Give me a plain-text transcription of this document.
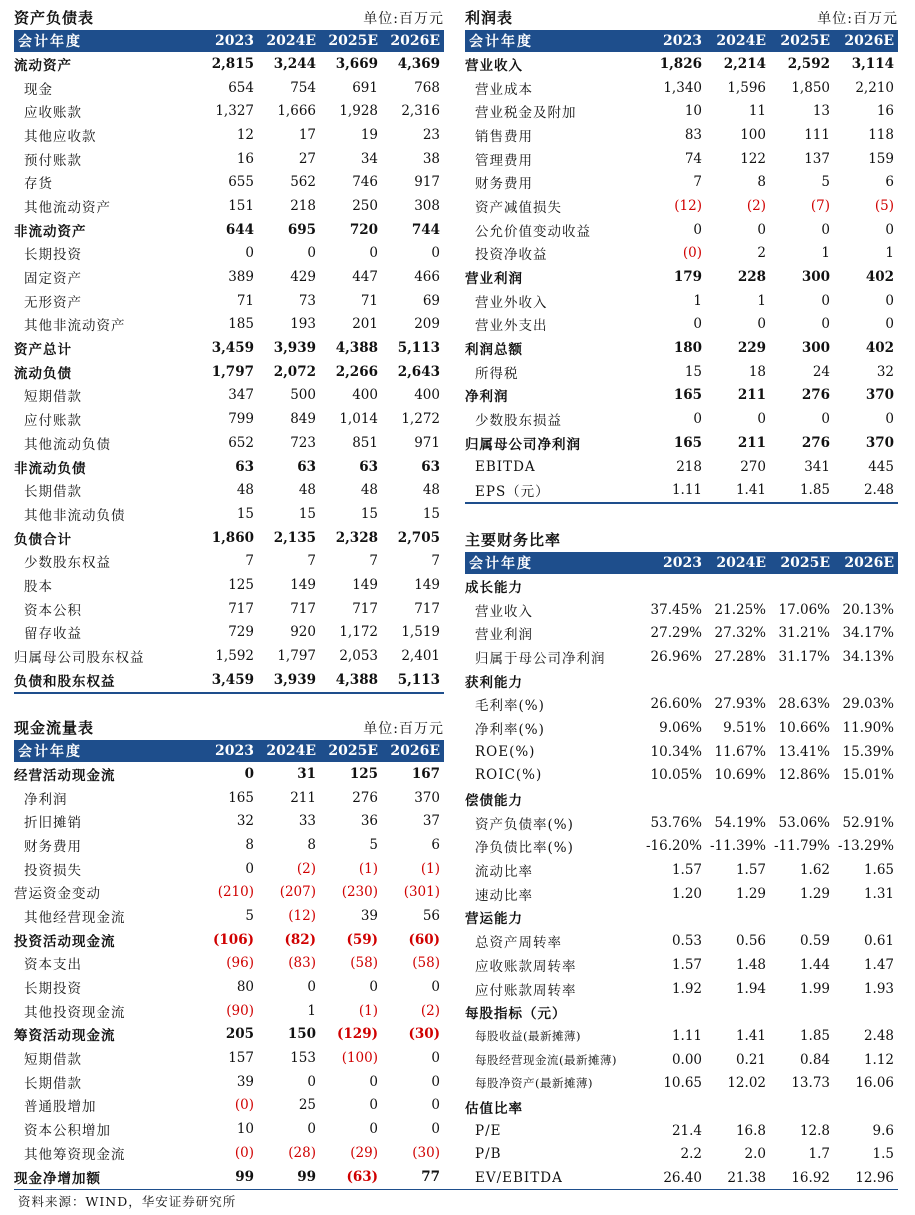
资产负债表	单位:百万元
会计年度	2023	2024E	2025E	2026E
流动资产	2,815	3,244	3,669	4,369
现金	654	754	691	768
应收账款	1,327	1,666	1,928	2,316
其他应收款	12	17	19	23
预付账款	16	27	34	38
存货	655	562	746	917
其他流动资产	151	218	250	308
非流动资产	644	695	720	744
长期投资	0	0	0	0
固定资产	389	429	447	466
无形资产	71	73	71	69
其他非流动资产	185	193	201	209
资产总计	3,459	3,939	4,388	5,113
流动负债	1,797	2,072	2,266	2,643
短期借款	347	500	400	400
应付账款	799	849	1,014	1,272
其他流动负债	652	723	851	971
非流动负债	63	63	63	63
长期借款	48	48	48	48
其他非流动负债	15	15	15	15
负债合计	1,860	2,135	2,328	2,705
少数股东权益	7	7	7	7
股本	125	149	149	149
资本公积	717	717	717	717
留存收益	729	920	1,172	1,519
归属母公司股东权益	1,592	1,797	2,053	2,401
负债和股东权益	3,459	3,939	4,388	5,113
现金流量表	单位:百万元
会计年度	2023	2024E	2025E	2026E
经营活动现金流	0	31	125	167
净利润	165	211	276	370
折旧摊销	32	33	36	37
财务费用	8	8	5	6
投资损失	0	(2)	(1)	(1)
营运资金变动	(210)	(207)	(230)	(301)
其他经营现金流	5	(12)	39	56
投资活动现金流	(106)	(82)	(59)	(60)
资本支出	(96)	(83)	(58)	(58)
长期投资	80	0	0	0
其他投资现金流	(90)	1	(1)	(2)
筹资活动现金流	205	150	(129)	(30)
短期借款	157	153	(100)	0
长期借款	39	0	0	0
普通股增加	(0)	25	0	0
资本公积增加	10	0	0	0
其他筹资现金流	(0)	(28)	(29)	(30)
现金净增加额	99	99	(63)	77
利润表	单位:百万元
会计年度	2023	2024E	2025E	2026E
营业收入	1,826	2,214	2,592	3,114
营业成本	1,340	1,596	1,850	2,210
营业税金及附加	10	11	13	16
销售费用	83	100	111	118
管理费用	74	122	137	159
财务费用	7	8	5	6
资产减值损失	(12)	(2)	(7)	(5)
公允价值变动收益	0	0	0	0
投资净收益	(0)	2	1	1
营业利润	179	228	300	402
营业外收入	1	1	0	0
营业外支出	0	0	0	0
利润总额	180	229	300	402
所得税	15	18	24	32
净利润	165	211	276	370
少数股东损益	0	0	0	0
归属母公司净利润	165	211	276	370
EBITDA	218	270	341	445
EPS（元）	1.11	1.41	1.85	2.48
主要财务比率
会计年度	2023	2024E	2025E	2026E
成长能力				
营业收入	37.45%	21.25%	17.06%	20.13%
营业利润	27.29%	27.32%	31.21%	34.17%
归属于母公司净利润	26.96%	27.28%	31.17%	34.13%
获利能力				
毛利率(%)	26.60%	27.93%	28.63%	29.03%
净利率(%)	9.06%	9.51%	10.66%	11.90%
ROE(%)	10.34%	11.67%	13.41%	15.39%
ROIC(%)	10.05%	10.69%	12.86%	15.01%
偿债能力				
资产负债率(%)	53.76%	54.19%	53.06%	52.91%
净负债比率(%)	-16.20%	-11.39%	-11.79%	-13.29%
流动比率	1.57	1.57	1.62	1.65
速动比率	1.20	1.29	1.29	1.31
营运能力				
总资产周转率	0.53	0.56	0.59	0.61
应收账款周转率	1.57	1.48	1.44	1.47
应付账款周转率	1.92	1.94	1.99	1.93
每股指标（元）				
每股收益(最新摊薄)	1.11	1.41	1.85	2.48
每股经营现金流(最新摊薄)	0.00	0.21	0.84	1.12
每股净资产(最新摊薄)	10.65	12.02	13.73	16.06
估值比率				
P/E	21.4	16.8	12.8	9.6
P/B	2.2	2.0	1.7	1.5
EV/EBITDA	26.40	21.38	16.92	12.96
资料来源：WIND，华安证券研究所
